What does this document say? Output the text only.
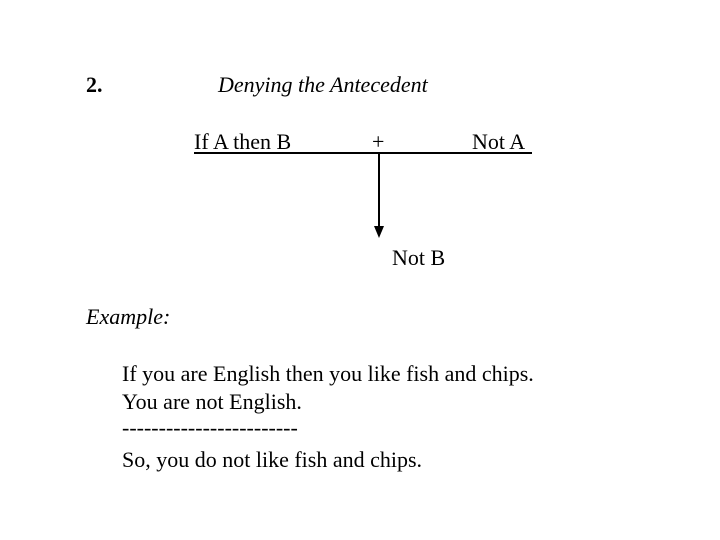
2.	Denying the Antecedent
If A then B	+	Not A
Not B
Example:
If you are English then you like fish and chips.
You are not English.
------------------------
So, you do not like fish and chips.
